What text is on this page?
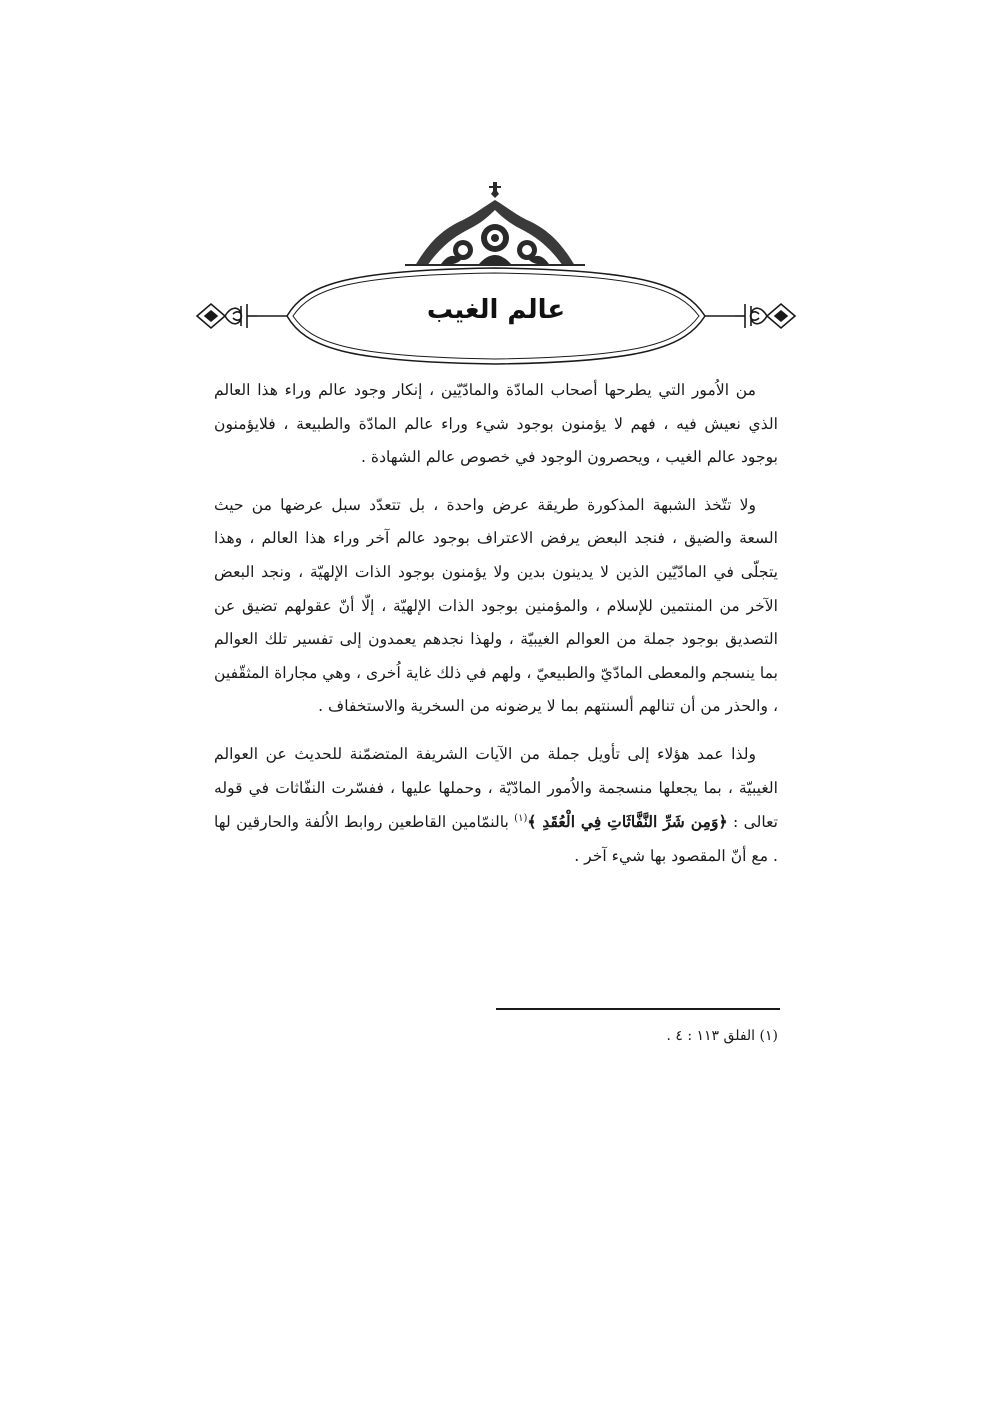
عالم الغيب

من الاُمور التي يطرحها أصحاب المادّة والمادّيّين ، إنكار وجود عالم وراء هذا العالم الذي نعيش فيه ، فهم لا يؤمنون بوجود شيء وراء عالم المادّة والطبيعة ، فلايؤمنون بوجود عالم الغيب ، ويحصرون الوجود في خصوص عالم الشهادة .

ولا تتّخذ الشبهة المذكورة طريقة عرض واحدة ، بل تتعدّد سبل عرضها من حيث السعة والضيق ، فنجد البعض يرفض الاعتراف بوجود عالم آخر وراء هذا العالم ، وهذا يتجلّى في المادّيّين الذين لا يدينون بدين ولا يؤمنون بوجود الذات الإلهيّة ، ونجد البعض الآخر من المنتمين للإسلام ، والمؤمنين بوجود الذات الإلهيّة ، إلّا أنّ عقولهم تضيق عن التصديق بوجود جملة من العوالم الغيبيّة ، ولهذا نجدهم يعمدون إلى تفسير تلك العوالم بما ينسجم والمعطى المادّيّ والطبيعيّ ، ولهم في ذلك غاية اُخرى ، وهي مجاراة المثقّفين ، والحذر من أن تنالهم ألسنتهم بما لا يرضونه من السخرية والاستخفاف .

ولذا عمد هؤلاء إلى تأويل جملة من الآيات الشريفة المتضمّنة للحديث عن العوالم الغيبيّة ، بما يجعلها منسجمة والاُمور المادّيّة ، وحملها عليها ، ففسّرت النفّاثات في قوله تعالى : ﴿وَمِن شَرِّ النَّفَّاثَاتِ فِي الْعُقَدِ ﴾$^{(١)}$ بالنمّامين القاطعين روابط الاُلفة والحارقين لها . مع أنّ المقصود بها شيء آخر .

(١) الفلق ١١٣ : ٤ .
